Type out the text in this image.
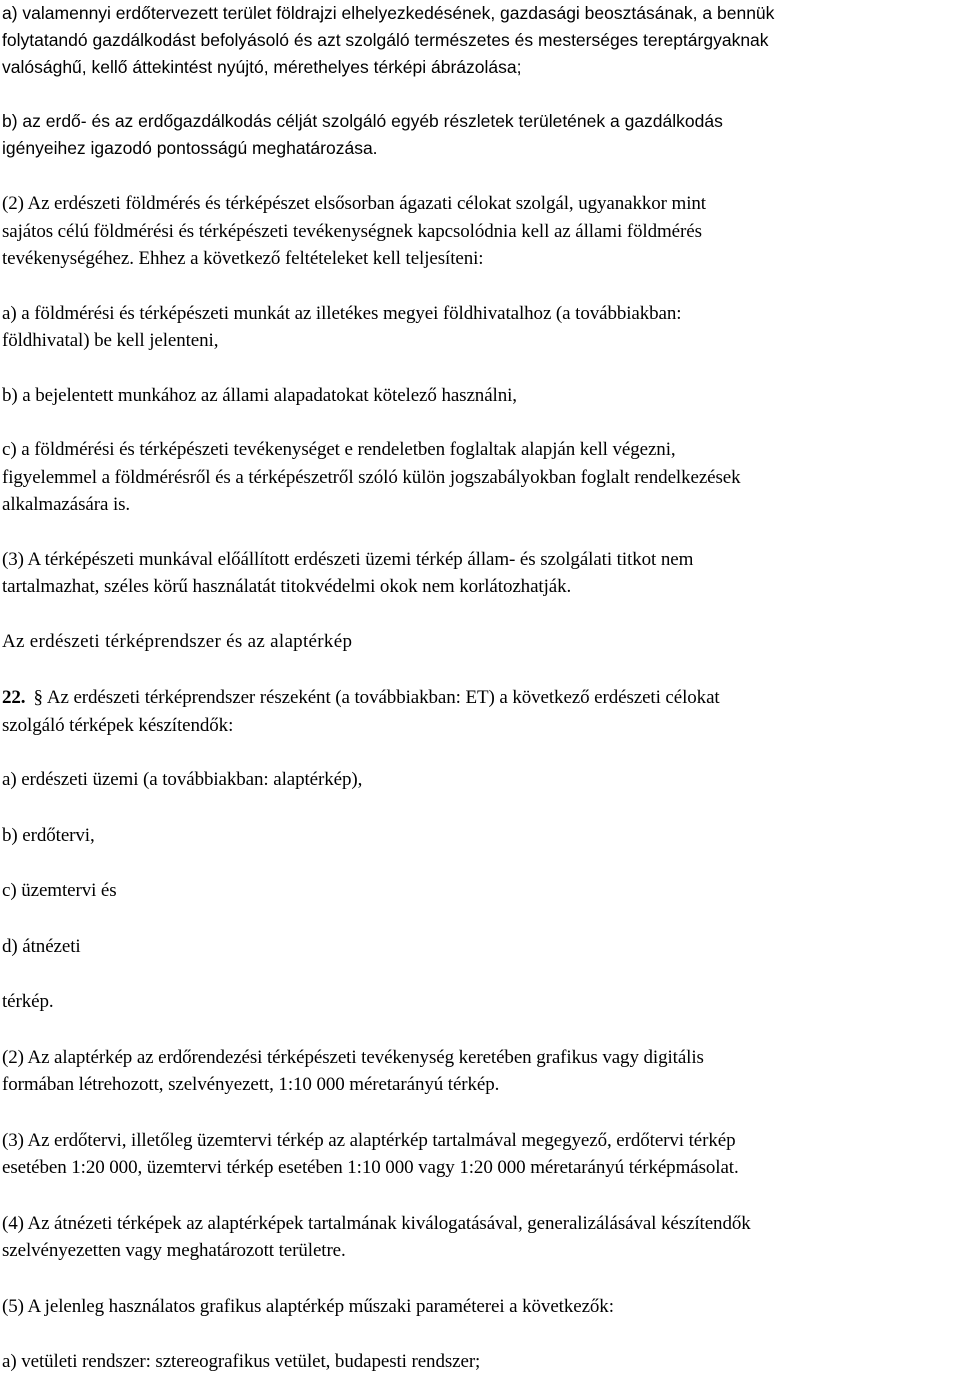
a) valamennyi erdőtervezett terület földrajzi elhelyezkedésének, gazdasági beosztásának, a bennük
folytatandó gazdálkodást befolyásoló és azt szolgáló természetes és mesterséges tereptárgyaknak
valósághű, kellő áttekintést nyújtó, mérethelyes térképi ábrázolása;

b) az erdő- és az erdőgazdálkodás célját szolgáló egyéb részletek területének a gazdálkodás
igényeihez igazodó pontosságú meghatározása.

(2) Az erdészeti földmérés és térképészet elsősorban ágazati célokat szolgál, ugyanakkor mint
sajátos célú földmérési és térképészeti tevékenységnek kapcsolódnia kell az állami földmérés
tevékenységéhez. Ehhez a következő feltételeket kell teljesíteni:

a) a földmérési és térképészeti munkát az illetékes megyei földhivatalhoz (a továbbiakban:
földhivatal) be kell jelenteni,

b) a bejelentett munkához az állami alapadatokat kötelező használni,

c) a földmérési és térképészeti tevékenységet e rendeletben foglaltak alapján kell végezni,
figyelemmel a földmérésről és a térképészetről szóló külön jogszabályokban foglalt rendelkezések
alkalmazására is.

(3) A térképészeti munkával előállított erdészeti üzemi térkép állam- és szolgálati titkot nem
tartalmazhat, széles körű használatát titokvédelmi okok nem korlátozhatják.

Az erdészeti térképrendszer és az alaptérkép

22. § Az erdészeti térképrendszer részeként (a továbbiakban: ET) a következő erdészeti célokat
szolgáló térképek készítendők:

a) erdészeti üzemi (a továbbiakban: alaptérkép),

b) erdőtervi,

c) üzemtervi és

d) átnézeti

térkép.

(2) Az alaptérkép az erdőrendezési térképészeti tevékenység keretében grafikus vagy digitális
formában létrehozott, szelvényezett, 1:10 000 méretarányú térkép.

(3) Az erdőtervi, illetőleg üzemtervi térkép az alaptérkép tartalmával megegyező, erdőtervi térkép
esetében 1:20 000, üzemtervi térkép esetében 1:10 000 vagy 1:20 000 méretarányú térképmásolat.

(4) Az átnézeti térképek az alaptérképek tartalmának kiválogatásával, generalizálásával készítendők
szelvényezetten vagy meghatározott területre.

(5) A jelenleg használatos grafikus alaptérkép műszaki paraméterei a következők:

a) vetületi rendszer: sztereografikus vetület, budapesti rendszer;
